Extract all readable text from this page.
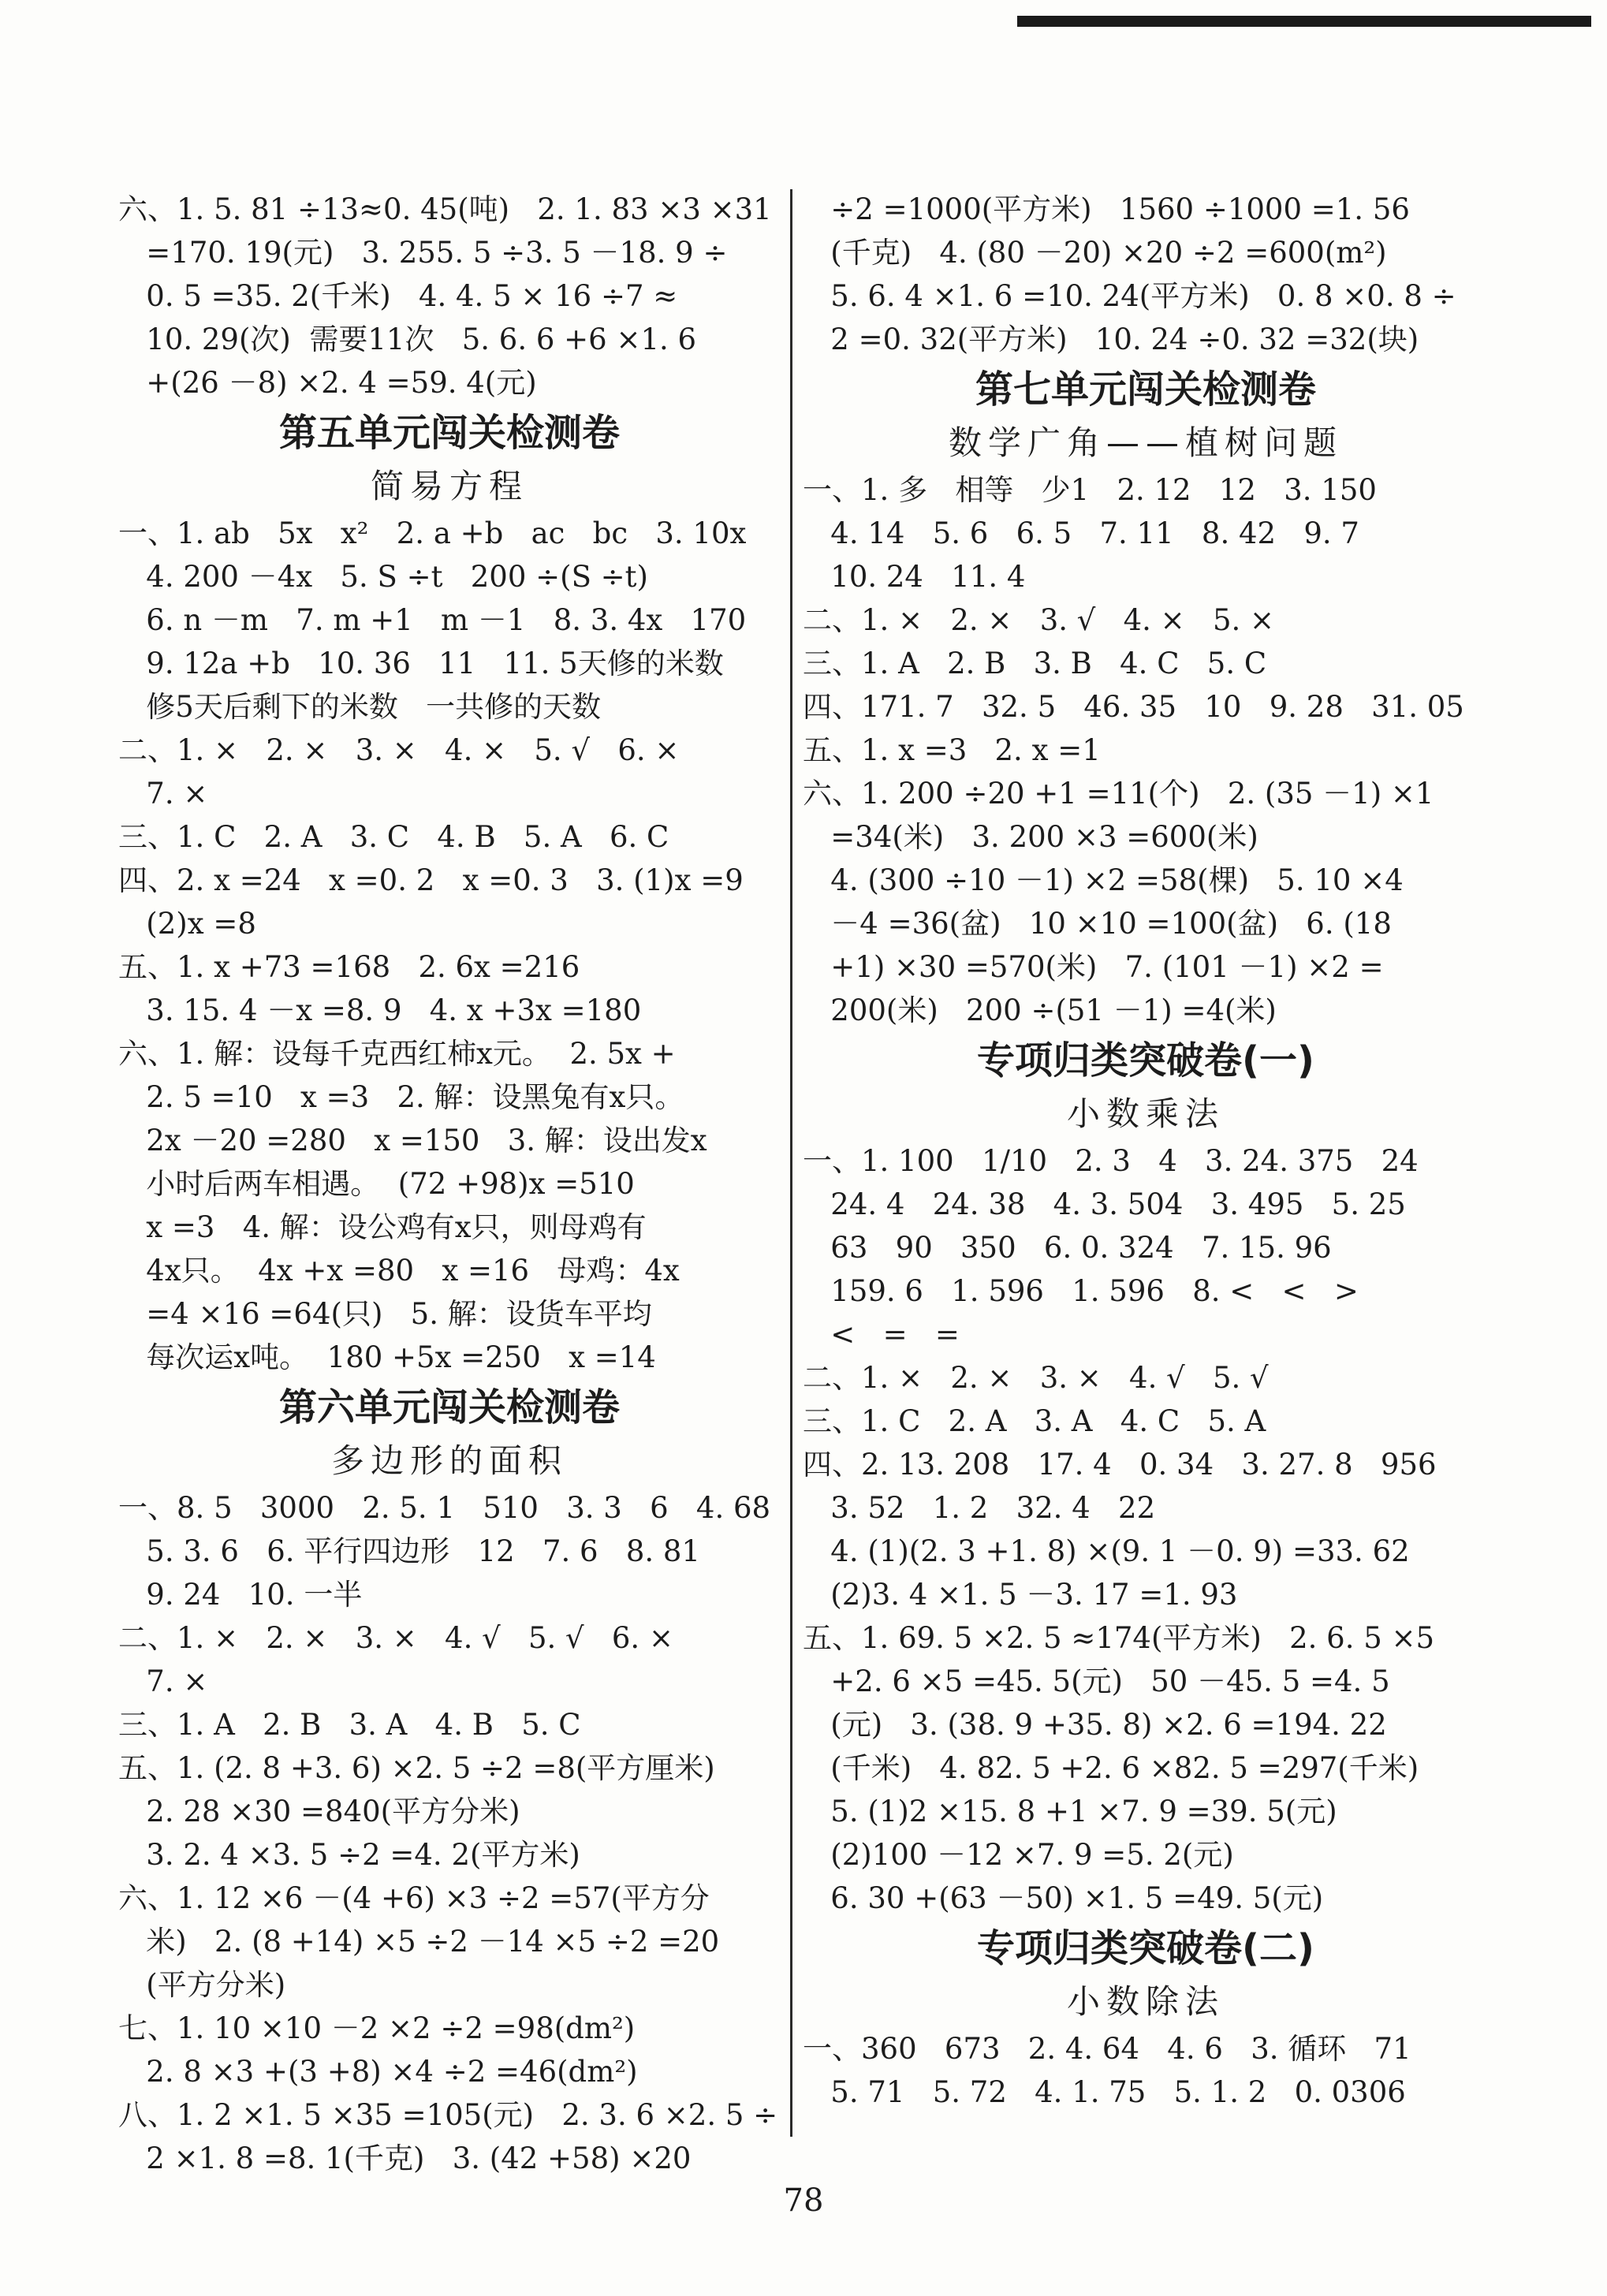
六、1. 5. 81 ÷13≈0. 45(吨)   2. 1. 83 ×3 ×31
=170. 19(元)   3. 255. 5 ÷3. 5 －18. 9 ÷
0. 5 =35. 2(千米)   4. 4. 5 × 16 ÷7 ≈
10. 29(次)  需要11次   5. 6. 6 +6 ×1. 6
+(26 －8) ×2. 4 =59. 4(元)
第五单元闯关检测卷
简易方程
一、1. ab   5x   x²   2. a +b   ac   bc   3. 10x
4. 200 －4x   5. S ÷t   200 ÷(S ÷t)
6. n －m   7. m +1   m －1   8. 3. 4x   170
9. 12a +b   10. 36   11   11. 5天修的米数
修5天后剩下的米数   一共修的天数
二、1. ×   2. ×   3. ×   4. ×   5. √   6. ×
7. ×
三、1. C   2. A   3. C   4. B   5. A   6. C
四、2. x =24   x =0. 2   x =0. 3   3. (1)x =9
(2)x =8
五、1. x +73 =168   2. 6x =216
3. 15. 4 －x =8. 9   4. x +3x =180
六、1. 解：设每千克西红柿x元。  2. 5x +
2. 5 =10   x =3   2. 解：设黑兔有x只。
2x －20 =280   x =150   3. 解：设出发x
小时后两车相遇。  (72 +98)x =510
x =3   4. 解：设公鸡有x只，则母鸡有
4x只。  4x +x =80   x =16   母鸡：4x
=4 ×16 =64(只)   5. 解：设货车平均
每次运x吨。  180 +5x =250   x =14
第六单元闯关检测卷
多边形的面积
一、8. 5   3000   2. 5. 1   510   3. 3   6   4. 68
5. 3. 6   6. 平行四边形   12   7. 6   8. 81
9. 24   10. 一半
二、1. ×   2. ×   3. ×   4. √   5. √   6. ×
7. ×
三、1. A   2. B   3. A   4. B   5. C
五、1. (2. 8 +3. 6) ×2. 5 ÷2 =8(平方厘米)
2. 28 ×30 =840(平方分米)
3. 2. 4 ×3. 5 ÷2 =4. 2(平方米)
六、1. 12 ×6 －(4 +6) ×3 ÷2 =57(平方分
米)   2. (8 +14) ×5 ÷2 －14 ×5 ÷2 =20
(平方分米)
七、1. 10 ×10 －2 ×2 ÷2 =98(dm²)
2. 8 ×3 +(3 +8) ×4 ÷2 =46(dm²)
八、1. 2 ×1. 5 ×35 =105(元)   2. 3. 6 ×2. 5 ÷
2 ×1. 8 =8. 1(千克)   3. (42 +58) ×20
÷2 =1000(平方米)   1560 ÷1000 =1. 56
(千克)   4. (80 －20) ×20 ÷2 =600(m²)
5. 6. 4 ×1. 6 =10. 24(平方米)   0. 8 ×0. 8 ÷
2 =0. 32(平方米)   10. 24 ÷0. 32 =32(块)
第七单元闯关检测卷
数学广角——植树问题
一、1. 多   相等   少1   2. 12   12   3. 150
4. 14   5. 6   6. 5   7. 11   8. 42   9. 7
10. 24   11. 4
二、1. ×   2. ×   3. √   4. ×   5. ×
三、1. A   2. B   3. B   4. C   5. C
四、171. 7   32. 5   46. 35   10   9. 28   31. 05
五、1. x =3   2. x =1
六、1. 200 ÷20 +1 =11(个)   2. (35 －1) ×1
=34(米)   3. 200 ×3 =600(米)
4. (300 ÷10 －1) ×2 =58(棵)   5. 10 ×4
－4 =36(盆)   10 ×10 =100(盆)   6. (18
+1) ×30 =570(米)   7. (101 －1) ×2 =
200(米)   200 ÷(51 －1) =4(米)
专项归类突破卷(一)
小数乘法
一、1. 100   1/10   2. 3   4   3. 24. 375   24
24. 4   24. 38   4. 3. 504   3. 495   5. 25
63   90   350   6. 0. 324   7. 15. 96
159. 6   1. 596   1. 596   8. <   <   >
<   =   =
二、1. ×   2. ×   3. ×   4. √   5. √
三、1. C   2. A   3. A   4. C   5. A
四、2. 13. 208   17. 4   0. 34   3. 27. 8   956
3. 52   1. 2   32. 4   22
4. (1)(2. 3 +1. 8) ×(9. 1 －0. 9) =33. 62
(2)3. 4 ×1. 5 －3. 17 =1. 93
五、1. 69. 5 ×2. 5 ≈174(平方米)   2. 6. 5 ×5
+2. 6 ×5 =45. 5(元)   50 －45. 5 =4. 5
(元)   3. (38. 9 +35. 8) ×2. 6 =194. 22
(千米)   4. 82. 5 +2. 6 ×82. 5 =297(千米)
5. (1)2 ×15. 8 +1 ×7. 9 =39. 5(元)
(2)100 －12 ×7. 9 =5. 2(元)
6. 30 +(63 －50) ×1. 5 =49. 5(元)
专项归类突破卷(二)
小数除法
一、360   673   2. 4. 64   4. 6   3. 循环   71
5. 71   5. 72   4. 1. 75   5. 1. 2   0. 0306
78
